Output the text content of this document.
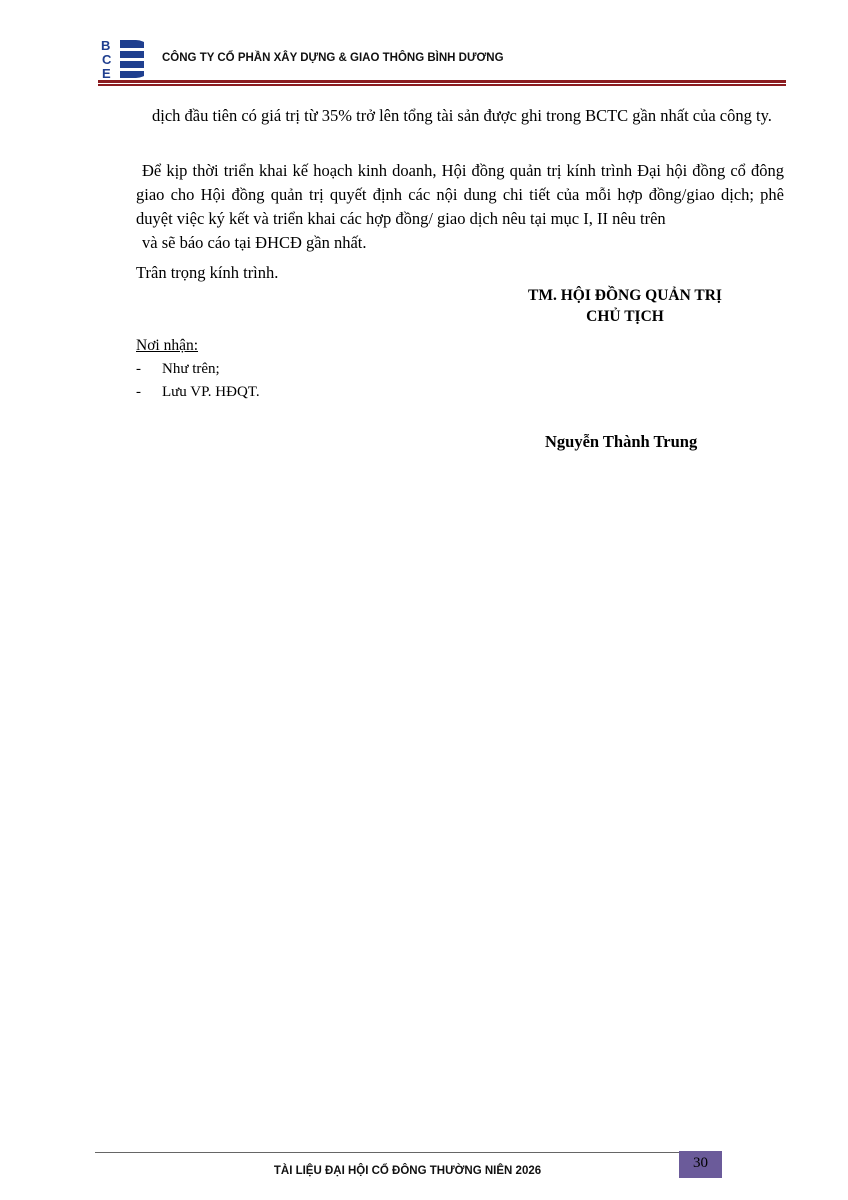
B
C
E
CÔNG TY CỔ PHẦN XÂY DỰNG & GIAO THÔNG BÌNH DƯƠNG
dịch đầu tiên có giá trị từ 35% trở lên tổng tài sản được ghi trong BCTC gần nhất của công ty.
Để kịp thời triển khai kế hoạch kinh doanh, Hội đồng quản trị kính trình Đại hội đồng cổ đông giao cho Hội đồng quản trị quyết định các nội dung chi tiết của mỗi hợp đồng/giao dịch; phê duyệt việc ký kết và triển khai các hợp đồng/ giao dịch nêu tại mục I, II nêu trên
và sẽ báo cáo tại ĐHCĐ gần nhất.
Trân trọng kính trình.
TM. HỘI ĐỒNG QUẢN TRỊ
CHỦ TỊCH
Nơi nhận:
- Như trên;
- Lưu VP. HĐQT.
Nguyễn Thành Trung
TÀI LIỆU ĐẠI HỘI CỔ ĐÔNG THƯỜNG NIÊN 2026	30
